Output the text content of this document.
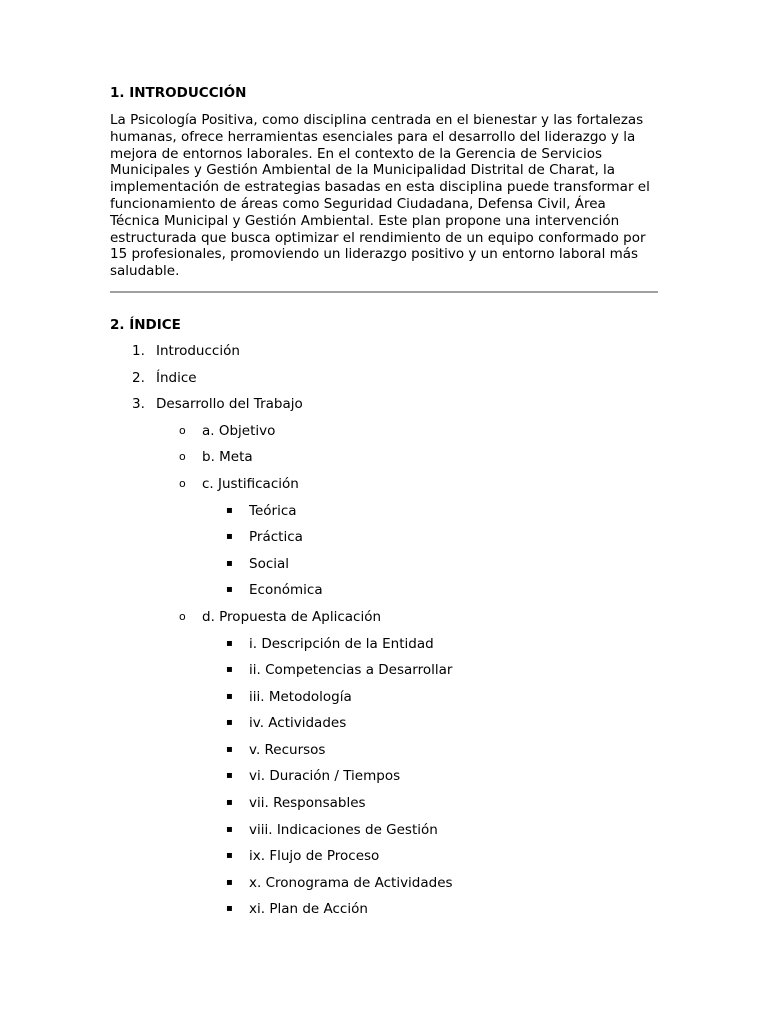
1. INTRODUCCIÓN

La Psicología Positiva, como disciplina centrada en el bienestar y las fortalezas humanas, ofrece herramientas esenciales para el desarrollo del liderazgo y la mejora de entornos laborales. En el contexto de la Gerencia de Servicios Municipales y Gestión Ambiental de la Municipalidad Distrital de Charat, la implementación de estrategias basadas en esta disciplina puede transformar el funcionamiento de áreas como Seguridad Ciudadana, Defensa Civil, Área Técnica Municipal y Gestión Ambiental. Este plan propone una intervención estructurada que busca optimizar el rendimiento de un equipo conformado por 15 profesionales, promoviendo un liderazgo positivo y un entorno laboral más saludable.

2. ÍNDICE
1. Introducción
2. Índice
3. Desarrollo del Trabajo
o a. Objetivo
o b. Meta
o c. Justificación
▪ Teórica
▪ Práctica
▪ Social
▪ Económica
o d. Propuesta de Aplicación
▪ i. Descripción de la Entidad
▪ ii. Competencias a Desarrollar
▪ iii. Metodología
▪ iv. Actividades
▪ v. Recursos
▪ vi. Duración / Tiempos
▪ vii. Responsables
▪ viii. Indicaciones de Gestión
▪ ix. Flujo de Proceso
▪ x. Cronograma de Actividades
▪ xi. Plan de Acción
